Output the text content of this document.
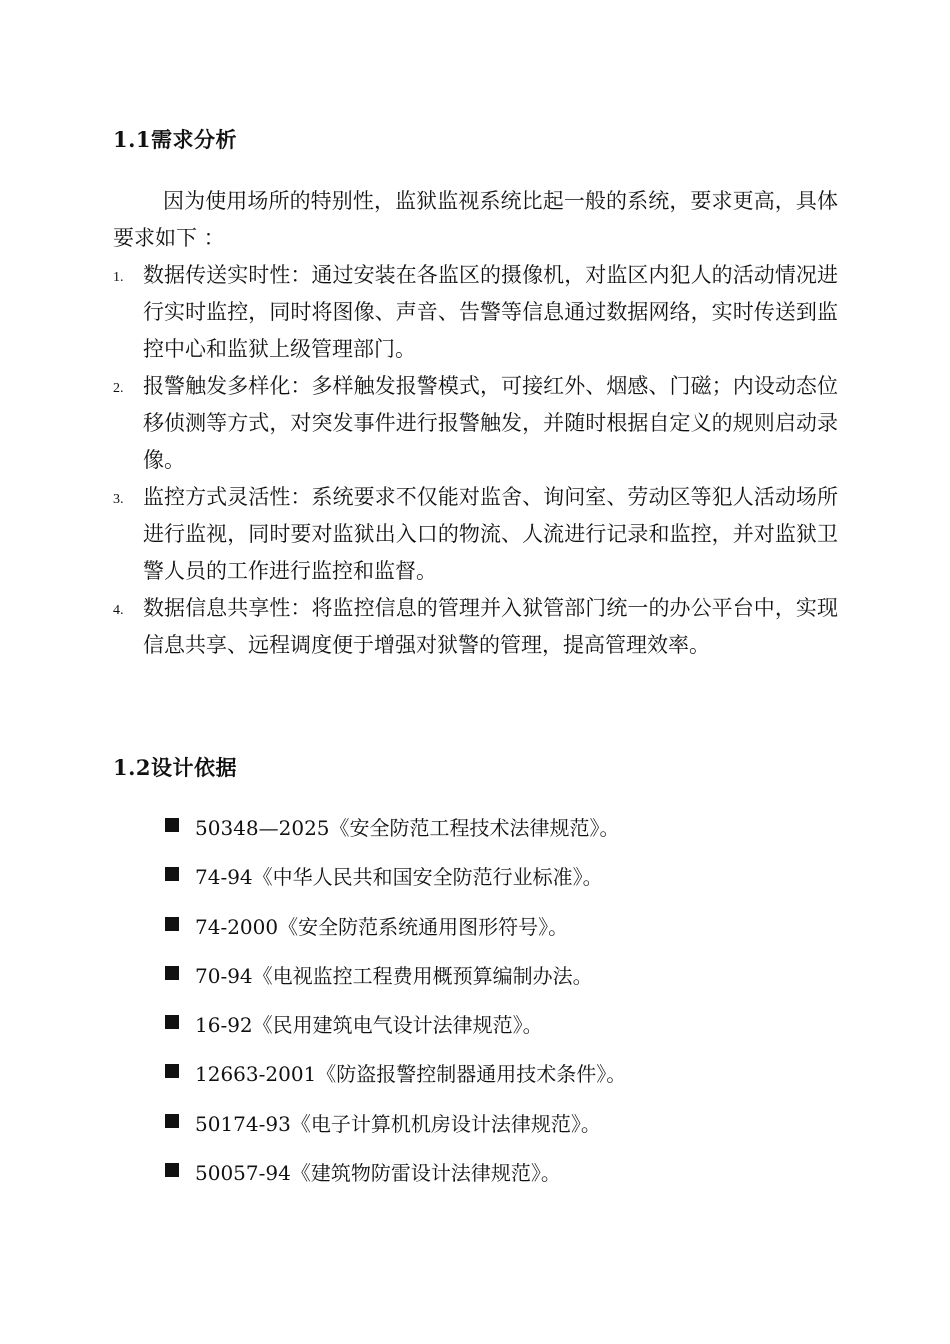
1.1需求分析

因为使用场所的特别性，监狱监视系统比起一般的系统，要求更高，具体要求如下 ：

1. 数据传送实时性：通过安装在各监区的摄像机，对监区内犯人的活动情况进行实时监控，同时将图像、声音、告警等信息通过数据网络，实时传送到监控中心和监狱上级管理部门。
2. 报警触发多样化：多样触发报警模式，可接红外、烟感、门磁；内设动态位移侦测等方式，对突发事件进行报警触发，并随时根据自定义的规则启动录像。
3. 监控方式灵活性：系统要求不仅能对监舍、询问室、劳动区等犯人活动场所进行监视，同时要对监狱出入口的物流、人流进行记录和监控，并对监狱卫警人员的工作进行监控和监督。
4. 数据信息共享性：将监控信息的管理并入狱管部门统一的办公平台中，实现信息共享、远程调度便于增强对狱警的管理，提高管理效率。
1.2设计依据
50348—2025《安全防范工程技术法律规范》。
74-94《中华人民共和国安全防范行业标准》。
74-2000《安全防范系统通用图形符号》。
70-94《电视监控工程费用概预算编制办法。
16-92《民用建筑电气设计法律规范》。
12663-2001《防盗报警控制器通用技术条件》。
50174-93《电子计算机机房设计法律规范》。
50057-94《建筑物防雷设计法律规范》。
